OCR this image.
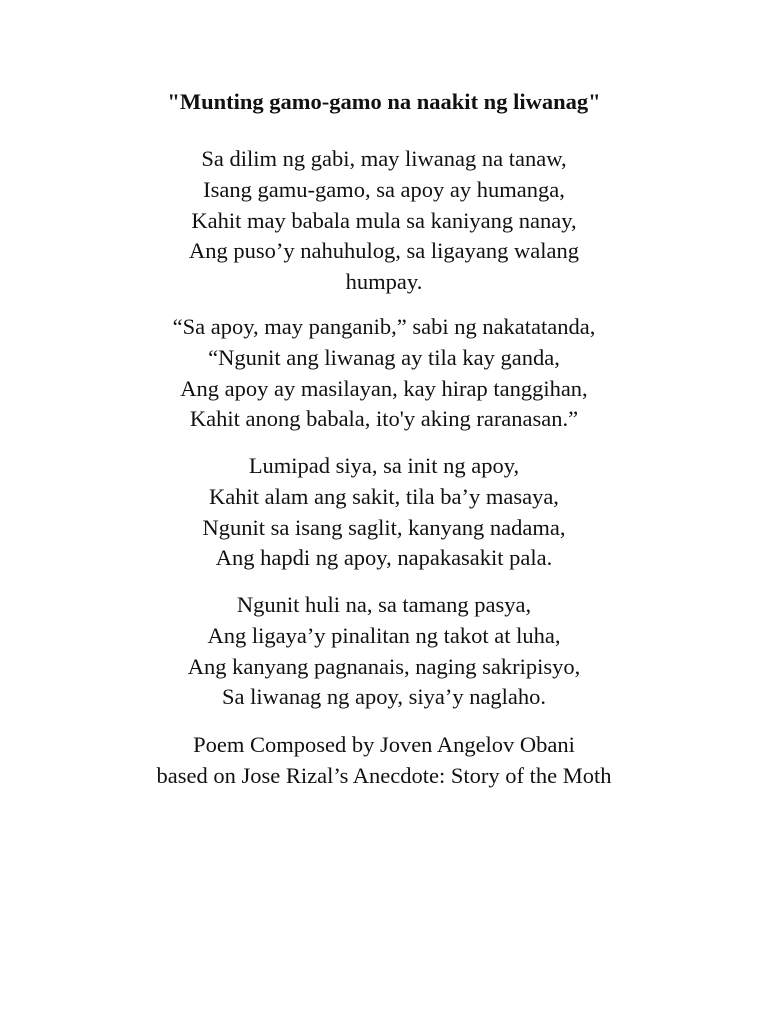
"Munting gamo-gamo na naakit ng liwanag"
Sa dilim ng gabi, may liwanag na tanaw,
Isang gamu-gamo, sa apoy ay humanga,
Kahit may babala mula sa kaniyang nanay,
Ang puso’y nahuhulog, sa ligayang walang
humpay.
“Sa apoy, may panganib,” sabi ng nakatatanda,
“Ngunit ang liwanag ay tila kay ganda,
Ang apoy ay masilayan, kay hirap tanggihan,
Kahit anong babala, ito'y aking raranasan.”
Lumipad siya, sa init ng apoy,
Kahit alam ang sakit, tila ba’y masaya,
Ngunit sa isang saglit, kanyang nadama,
Ang hapdi ng apoy, napakasakit pala.
Ngunit huli na, sa tamang pasya,
Ang ligaya’y pinalitan ng takot at luha,
Ang kanyang pagnanais, naging sakripisyo,
Sa liwanag ng apoy, siya’y naglaho.
Poem Composed by Joven Angelov Obani
based on Jose Rizal’s Anecdote: Story of the Moth
